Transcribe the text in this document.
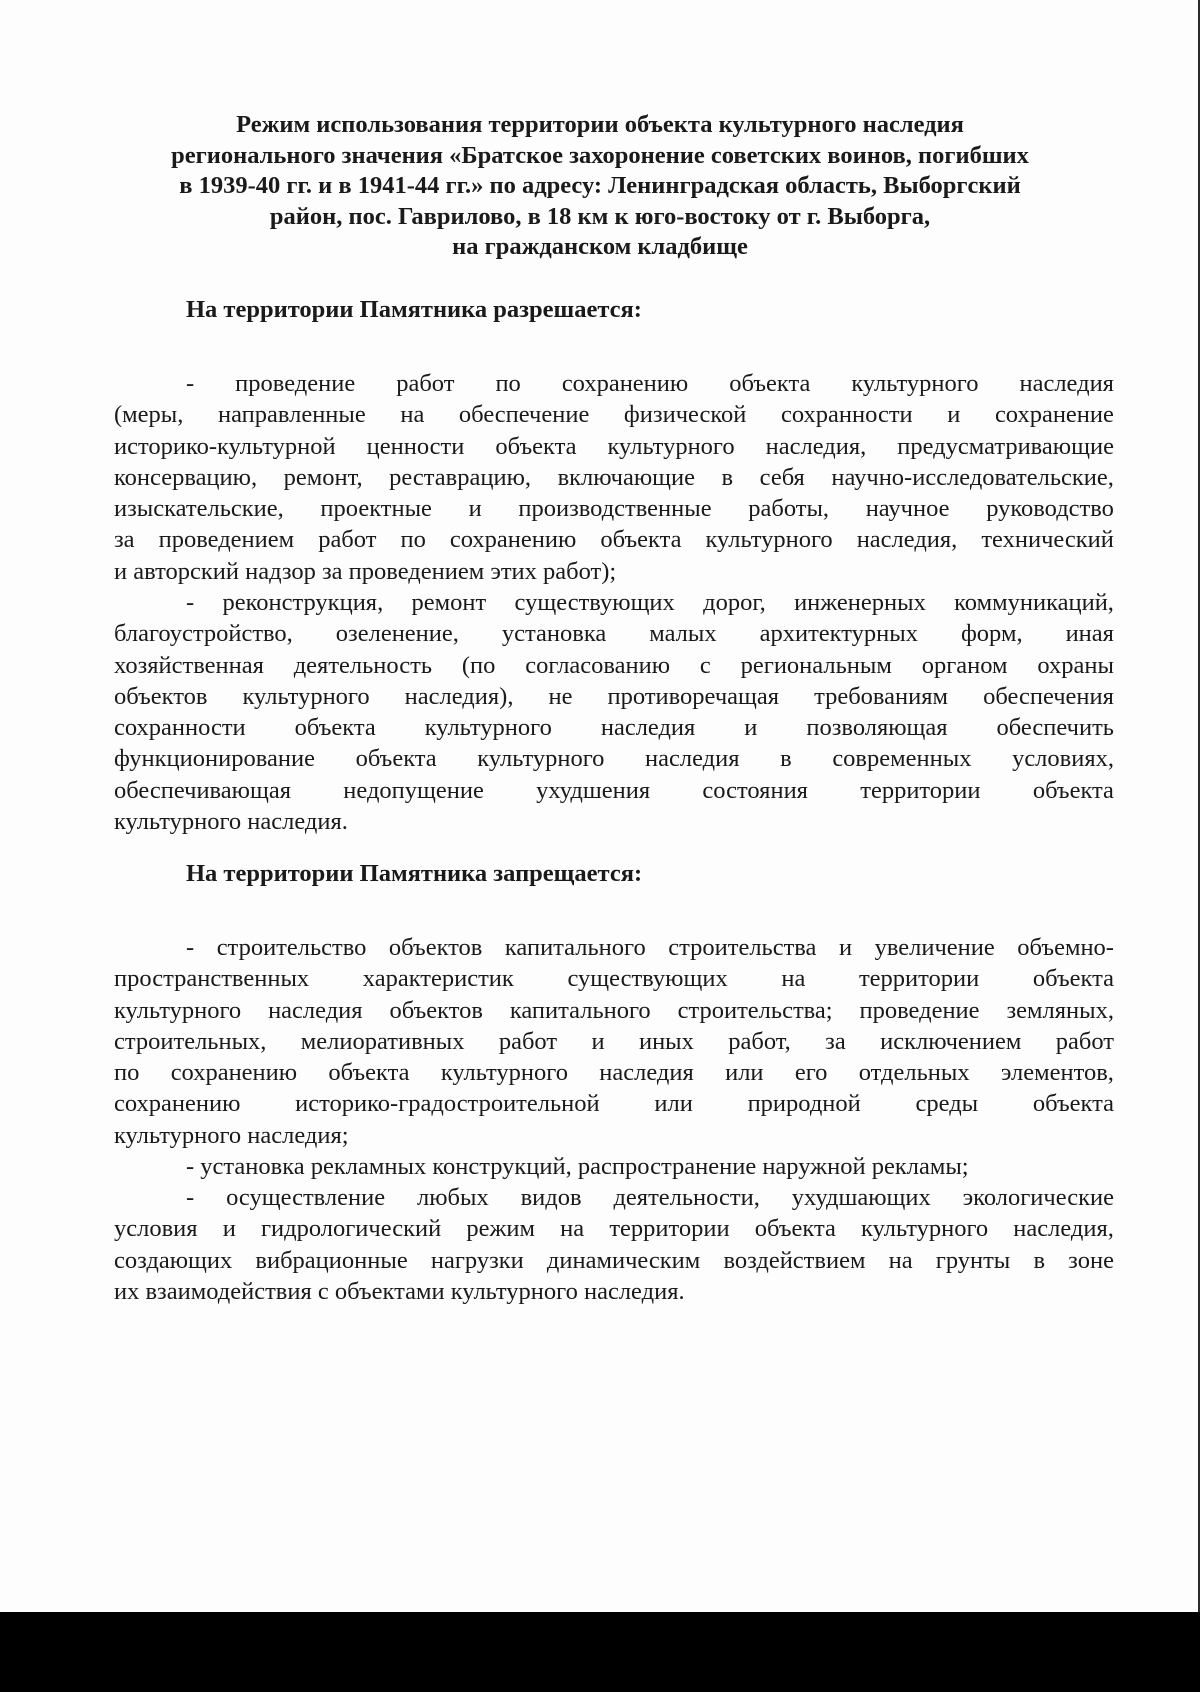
Режим использования территории объекта культурного наследия
регионального значения «Братское захоронение советских воинов, погибших
в 1939-40 гг. и в 1941-44 гг.» по адресу: Ленинградская область, Выборгский
район, пос. Гаврилово, в 18 км к юго-востоку от г. Выборга,
на гражданском кладбище
На территории Памятника разрешается:
- проведение работ по сохранению объекта культурного наследия
(меры, направленные на обеспечение физической сохранности и сохранение
историко-культурной ценности объекта культурного наследия, предусматривающие
консервацию, ремонт, реставрацию, включающие в себя научно-исследовательские,
изыскательские, проектные и производственные работы, научное руководство
за проведением работ по сохранению объекта культурного наследия, технический
и авторский надзор за проведением этих работ);
- реконструкция, ремонт существующих дорог, инженерных коммуникаций,
благоустройство, озеленение, установка малых архитектурных форм, иная
хозяйственная деятельность (по согласованию с региональным органом охраны
объектов культурного наследия), не противоречащая требованиям обеспечения
сохранности объекта культурного наследия и позволяющая обеспечить
функционирование объекта культурного наследия в современных условиях,
обеспечивающая недопущение ухудшения состояния территории объекта
культурного наследия.
На территории Памятника запрещается:
- строительство объектов капитального строительства и увеличение объемно-
пространственных характеристик существующих на территории объекта
культурного наследия объектов капитального строительства; проведение земляных,
строительных, мелиоративных работ и иных работ, за исключением работ
по сохранению объекта культурного наследия или его отдельных элементов,
сохранению историко-градостроительной или природной среды объекта
культурного наследия;
- установка рекламных конструкций, распространение наружной рекламы;
- осуществление любых видов деятельности, ухудшающих экологические
условия и гидрологический режим на территории объекта культурного наследия,
создающих вибрационные нагрузки динамическим воздействием на грунты в зоне
их взаимодействия с объектами культурного наследия.
